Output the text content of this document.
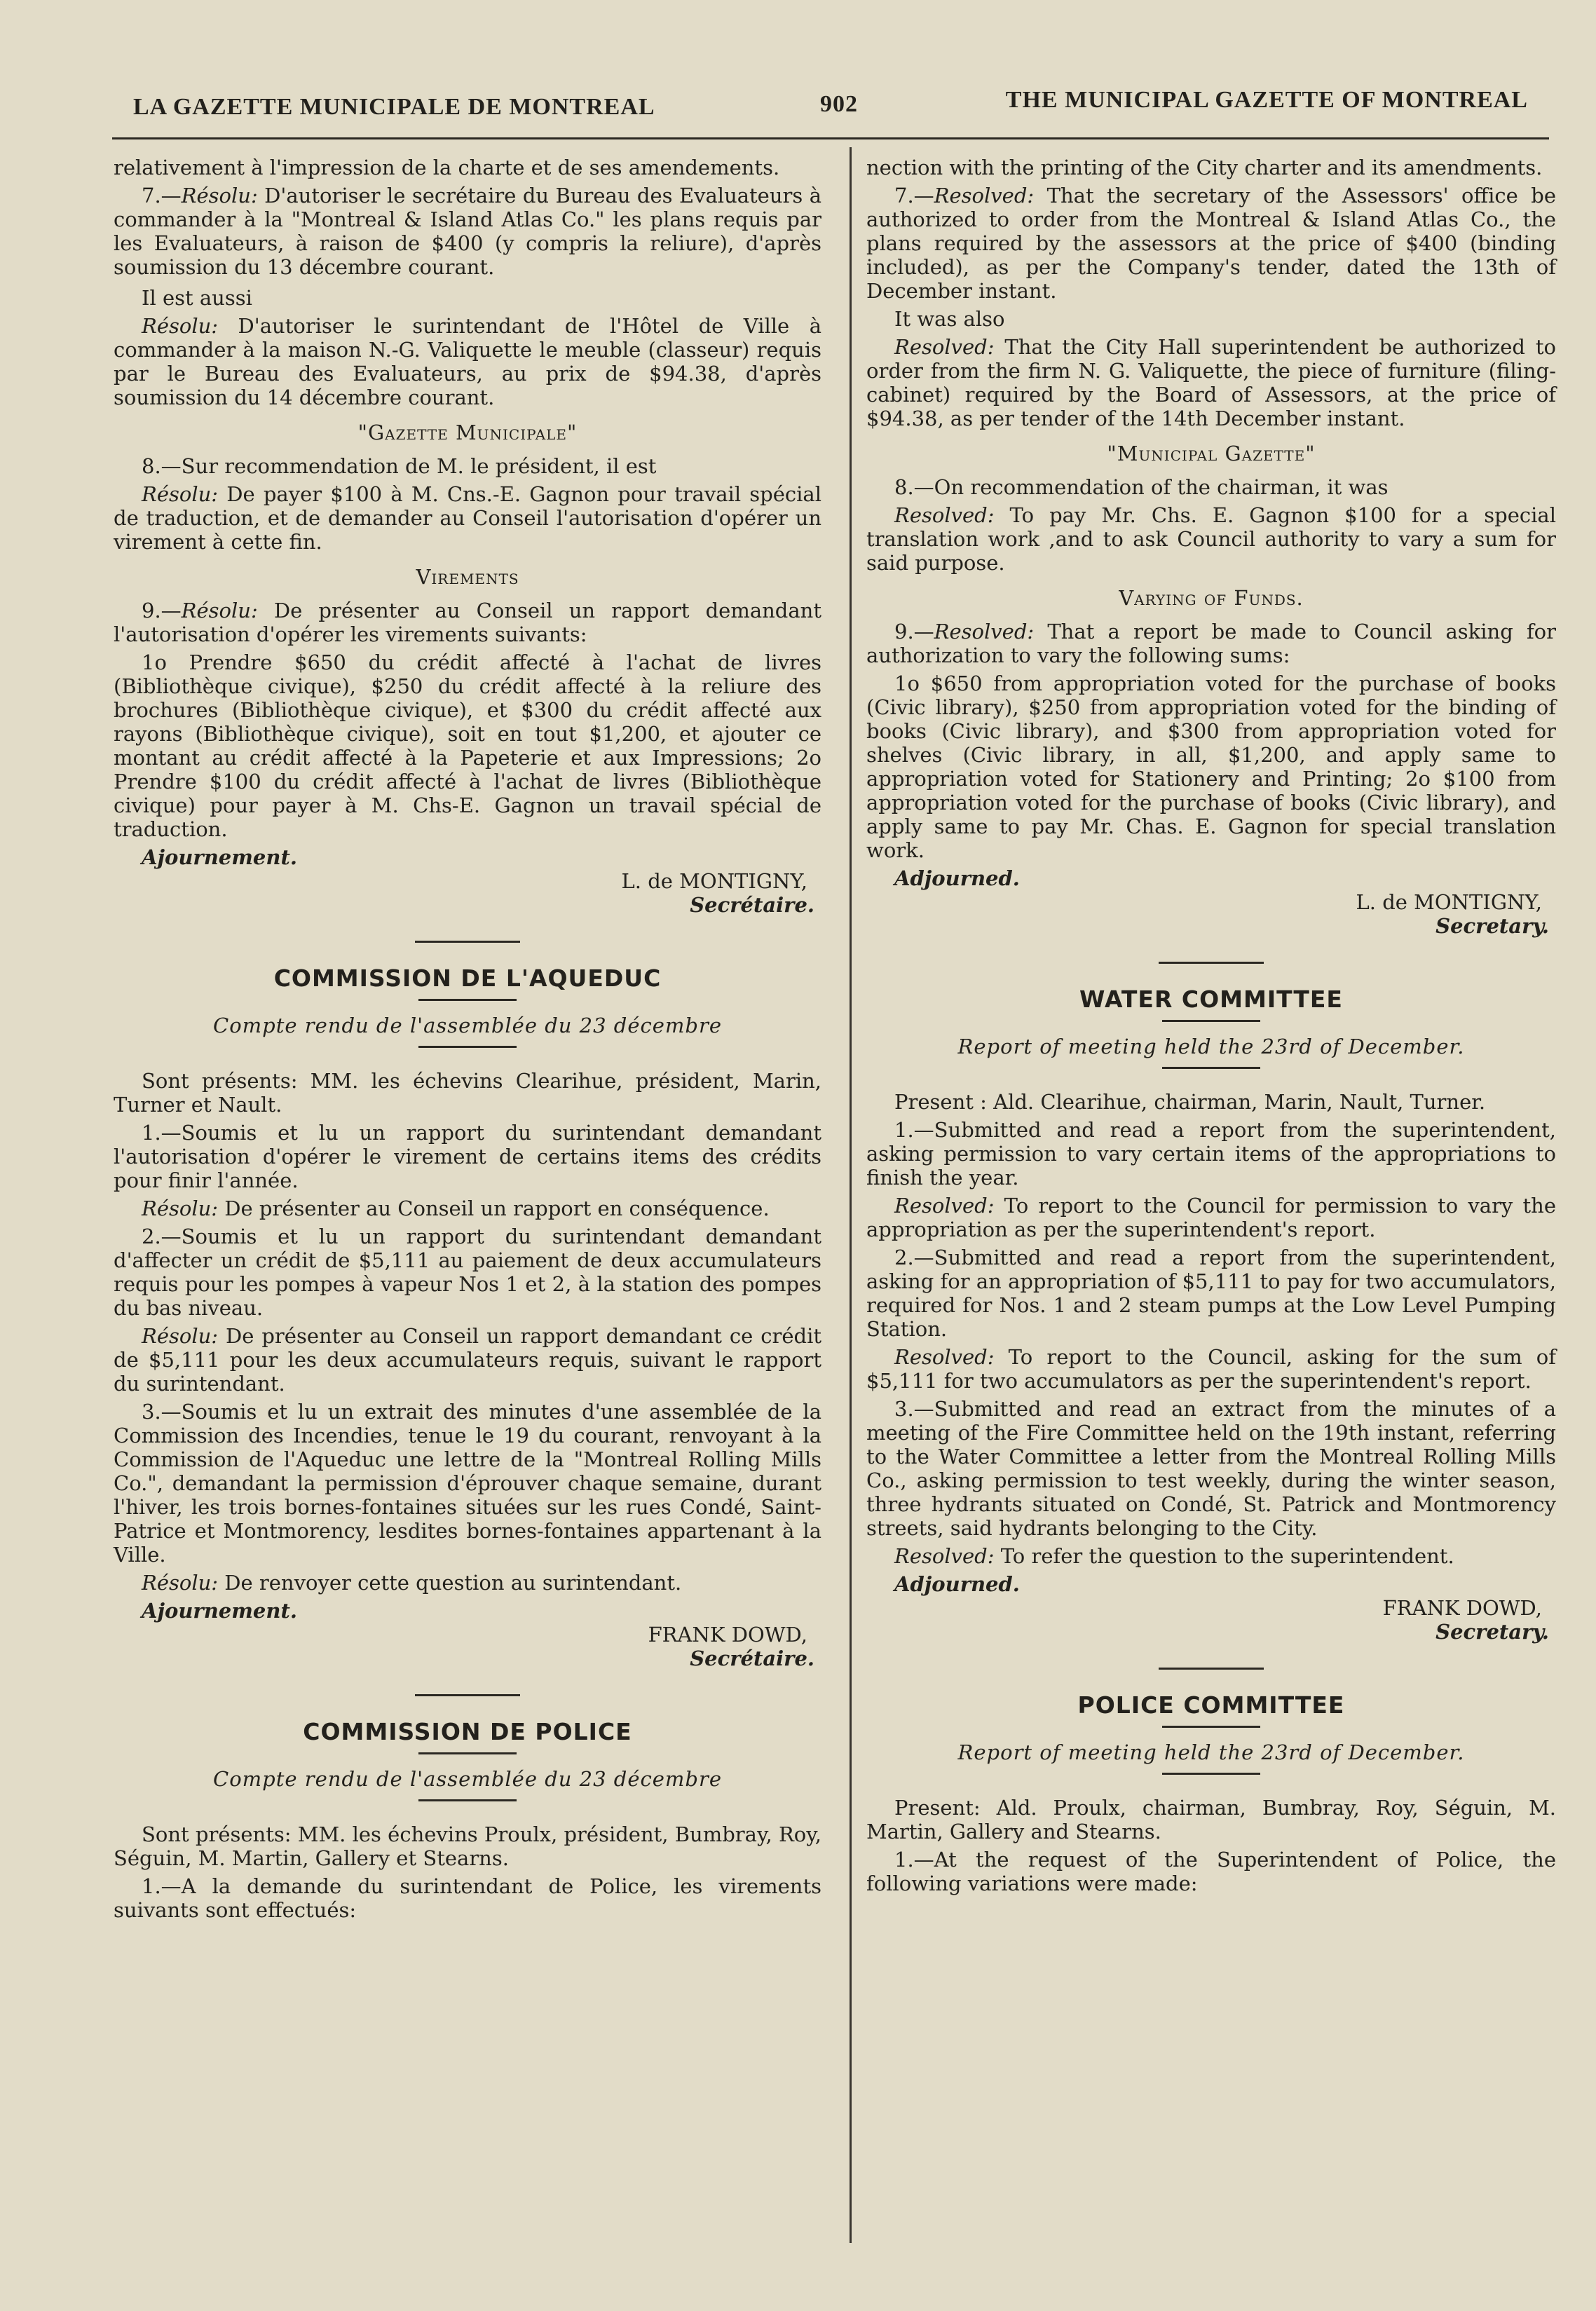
LA GAZETTE MUNICIPALE DE MONTREAL	902	THE MUNICIPAL GAZETTE OF MONTREAL

relativement à l'impression de la charte et de ses amendements.

7.—Résolu: D'autoriser le secrétaire du Bureau des Evaluateurs à commander à la "Montreal & Island Atlas Co." les plans requis par les Evaluateurs, à raison de $400 (y compris la reliure), d'après soumission du 13 décembre courant.

Il est aussi

Résolu: D'autoriser le surintendant de l'Hôtel de Ville à commander à la maison N.-G. Valiquette le meuble (classeur) requis par le Bureau des Evaluateurs, au prix de $94.38, d'après soumission du 14 décembre courant.

"Gazette Municipale"

8.—Sur recommendation de M. le président, il est

Résolu: De payer $100 à M. Cns.-E. Gagnon pour travail spécial de traduction, et de demander au Conseil l'autorisation d'opérer un virement à cette fin.

Virements

9.—Résolu: De présenter au Conseil un rapport demandant l'autorisation d'opérer les virements suivants:

1o Prendre $650 du crédit affecté à l'achat de livres (Bibliothèque civique), $250 du crédit affecté à la reliure des brochures (Bibliothèque civique), et $300 du crédit affecté aux rayons (Bibliothèque civique), soit en tout $1,200, et ajouter ce montant au crédit affecté à la Papeterie et aux Impressions; 2o Prendre $100 du crédit affecté à l'achat de livres (Bibliothèque civique) pour payer à M. Chs-E. Gagnon un travail spécial de traduction.

Ajournement.

L. de MONTIGNY,

Secrétaire.

COMMISSION DE L'AQUEDUC
Compte rendu de l'assemblée du 23 décembre

Sont présents: MM. les échevins Clearihue, président, Marin, Turner et Nault.

1.—Soumis et lu un rapport du surintendant demandant l'autorisation d'opérer le virement de certains items des crédits pour finir l'année.

Résolu: De présenter au Conseil un rapport en conséquence.

2.—Soumis et lu un rapport du surintendant demandant d'affecter un crédit de $5,111 au paiement de deux accumulateurs requis pour les pompes à vapeur Nos 1 et 2, à la station des pompes du bas niveau.

Résolu: De présenter au Conseil un rapport demandant ce crédit de $5,111 pour les deux accumulateurs requis, suivant le rapport du surintendant.

3.—Soumis et lu un extrait des minutes d'une assemblée de la Commission des Incendies, tenue le 19 du courant, renvoyant à la Commission de l'Aqueduc une lettre de la "Montreal Rolling Mills Co.", demandant la permission d'éprouver chaque semaine, durant l'hiver, les trois bornes-fontaines situées sur les rues Condé, Saint-Patrice et Montmorency, lesdites bornes-fontaines appartenant à la Ville.

Résolu: De renvoyer cette question au surintendant.

Ajournement.

FRANK DOWD,

Secrétaire.

COMMISSION DE POLICE
Compte rendu de l'assemblée du 23 décembre

Sont présents: MM. les échevins Proulx, président, Bumbray, Roy, Séguin, M. Martin, Gallery et Stearns.

1.—A la demande du surintendant de Police, les virements suivants sont effectués:

nection with the printing of the City charter and its amendments.

7.—Resolved: That the secretary of the Assessors' office be authorized to order from the Montreal & Island Atlas Co., the plans required by the assessors at the price of $400 (binding included), as per the Company's tender, dated the 13th of December instant.

It was also

Resolved: That the City Hall superintendent be authorized to order from the firm N. G. Valiquette, the piece of furniture (filing-cabinet) required by the Board of Assessors, at the price of $94.38, as per tender of the 14th December instant.

"Municipal Gazette"

8.—On recommendation of the chairman, it was

Resolved: To pay Mr. Chs. E. Gagnon $100 for a special translation work ,and to ask Council authority to vary a sum for said purpose.

Varying of Funds.

9.—Resolved: That a report be made to Council asking for authorization to vary the following sums:

1o $650 from appropriation voted for the purchase of books (Civic library), $250 from appropriation voted for the binding of books (Civic library), and $300 from appropriation voted for shelves (Civic library, in all, $1,200, and apply same to appropriation voted for Stationery and Printing; 2o $100 from appropriation voted for the purchase of books (Civic library), and apply same to pay Mr. Chas. E. Gagnon for special translation work.

Adjourned.

L. de MONTIGNY,

Secretary.

WATER COMMITTEE
Report of meeting held the 23rd of December.

Present : Ald. Clearihue, chairman, Marin, Nault, Turner.

1.—Submitted and read a report from the superintendent, asking permission to vary certain items of the appropriations to finish the year.

Resolved: To report to the Council for permission to vary the appropriation as per the superintendent's report.

2.—Submitted and read a report from the superintendent, asking for an appropriation of $5,111 to pay for two accumulators, required for Nos. 1 and 2 steam pumps at the Low Level Pumping Station.

Resolved: To report to the Council, asking for the sum of $5,111 for two accumulators as per the superintendent's report.

3.—Submitted and read an extract from the minutes of a meeting of the Fire Committee held on the 19th instant, referring to the Water Committee a letter from the Montreal Rolling Mills Co., asking permission to test weekly, during the winter season, three hydrants situated on Condé, St. Patrick and Montmorency streets, said hydrants belonging to the City.

Resolved: To refer the question to the superintendent.

Adjourned.

FRANK DOWD,

Secretary.

POLICE COMMITTEE
Report of meeting held the 23rd of December.

Present: Ald. Proulx, chairman, Bumbray, Roy, Séguin, M. Martin, Gallery and Stearns.

1.—At the request of the Superintendent of Police, the following variations were made:
